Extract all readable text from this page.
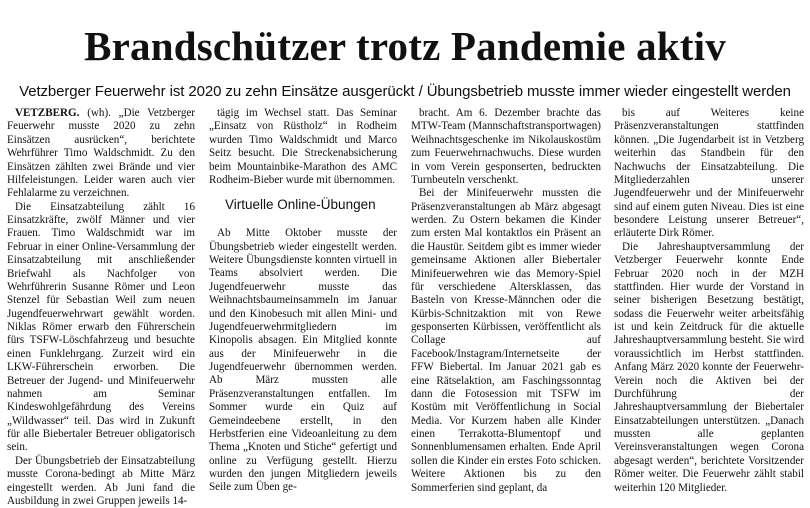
Brandschützer trotz Pandemie aktiv
Vetzberger Feuerwehr ist 2020 zu zehn Einsätze ausgerückt / Übungsbetrieb musste immer wieder eingestellt werden

VETZBERG. (wh). „Die Vetzberger Feuerwehr musste 2020 zu zehn Einsätzen ausrücken“, berichtete Wehrführer Timo Waldschmidt. Zu den Einsätzen zählten zwei Brände und vier Hilfeleistungen. Leider waren auch vier Fehlalarme zu verzeichnen.

Die Einsatzabteilung zählt 16 Einsatzkräfte, zwölf Männer und vier Frauen. Timo Waldschmidt war im Februar in einer Online-Versammlung der Einsatzabteilung mit anschließender Briefwahl als Nachfolger von Wehrführerin Susanne Römer und Leon Stenzel für Sebastian Weil zum neuen Jugendfeuerwehrwart gewählt worden. Niklas Römer erwarb den Führerschein fürs TSFW-Löschfahrzeug und besuchte einen Funklehrgang. Zurzeit wird ein LKW-Führerschein erworben. Die Betreuer der Jugend- und Minifeuerwehr nahmen am Seminar Kindeswohlgefährdung des Vereins „Wildwasser“ teil. Das wird in Zukunft für alle Biebertaler Betreuer obligatorisch sein.

Der Übungsbetrieb der Einsatzabteilung musste Corona-bedingt ab Mitte März eingestellt werden. Ab Juni fand die Ausbildung in zwei Gruppen jeweils 14-

tägig im Wechsel statt. Das Seminar „Einsatz von Rüstholz“ in Rodheim wurden Timo Waldschmidt und Marco Seitz besucht. Die Streckenabsicherung beim Mountainbike-Marathon des AMC Rodheim-Bieber wurde mit übernommen.

Virtuelle Online-Übungen

Ab Mitte Oktober musste der Übungsbetrieb wieder eingestellt werden. Weitere Übungsdienste konnten virtuell in Teams absolviert werden. Die Jugendfeuerwehr musste das Weihnachtsbaumeinsammeln im Januar und den Kinobesuch mit allen Mini- und Jugendfeuerwehrmitgliedern im Kinopolis absagen. Ein Mitglied konnte aus der Minifeuerwehr in die Jugendfeuerwehr übernommen werden. Ab März mussten alle Präsenzveranstaltungen entfallen. Im Sommer wurde ein Quiz auf Gemeindeebene erstellt, in den Herbstferien eine Videoanleitung zu dem Thema „Knoten und Stiche“ gefertigt und online zu Verfügung gestellt. Hierzu wurden den jungen Mitgliedern jeweils Seile zum Üben ge-

bracht. Am 6. Dezember brachte das MTW-Team (Mannschaftstransportwagen) Weihnachtsgeschenke im Nikolauskostüm zum Feuerwehrnachwuchs. Diese wurden in vom Verein gesponserten, bedruckten Turnbeuteln verschenkt.

Bei der Minifeuerwehr mussten die Präsenzveranstaltungen ab März abgesagt werden. Zu Ostern bekamen die Kinder zum ersten Mal kontaktlos ein Präsent an die Haustür. Seitdem gibt es immer wieder gemeinsame Aktionen aller Biebertaler Minifeuerwehren wie das Memory-Spiel für verschiedene Altersklassen, das Basteln von Kresse-Männchen oder die Kürbis-Schnitzaktion mit von Rewe gesponserten Kürbissen, veröffentlicht als Collage auf Facebook/Instagram/Internetseite der FFW Biebertal. Im Januar 2021 gab es eine Rätselaktion, am Faschingssonntag dann die Fotosession mit TSFW im Kostüm mit Veröffentlichung in Social Media. Vor Kurzem haben alle Kinder einen Terrakotta-Blumentopf und Sonnenblumensamen erhalten. Ende April sollen die Kinder ein erstes Foto schicken. Weitere Aktionen bis zu den Sommerferien sind geplant, da

bis auf Weiteres keine Präsenzveranstaltungen stattfinden können. „Die Jugendarbeit ist in Vetzberg weiterhin das Standbein für den Nachwuchs der Einsatzabteilung. Die Mitgliederzahlen unserer Jugendfeuerwehr und der Minifeuerwehr sind auf einem guten Niveau. Dies ist eine besondere Leistung unserer Betreuer“, erläuterte Dirk Römer.

Die Jahreshauptversammlung der Vetzberger Feuerwehr konnte Ende Februar 2020 noch in der MZH stattfinden. Hier wurde der Vorstand in seiner bisherigen Besetzung bestätigt, sodass die Feuerwehr weiter arbeitsfähig ist und kein Zeitdruck für die aktuelle Jahreshauptversammlung besteht. Sie wird voraussichtlich im Herbst stattfinden. Anfang März 2020 konnte der Feuerwehr-Verein noch die Aktiven bei der Durchführung der Jahreshauptversammlung der Biebertaler Einsatzabteilungen unterstützen. „Danach mussten alle geplanten Vereinsveranstaltungen wegen Corona abgesagt werden“, berichtete Vorsitzender Römer weiter. Die Feuerwehr zählt stabil weiterhin 120 Mitglieder.
